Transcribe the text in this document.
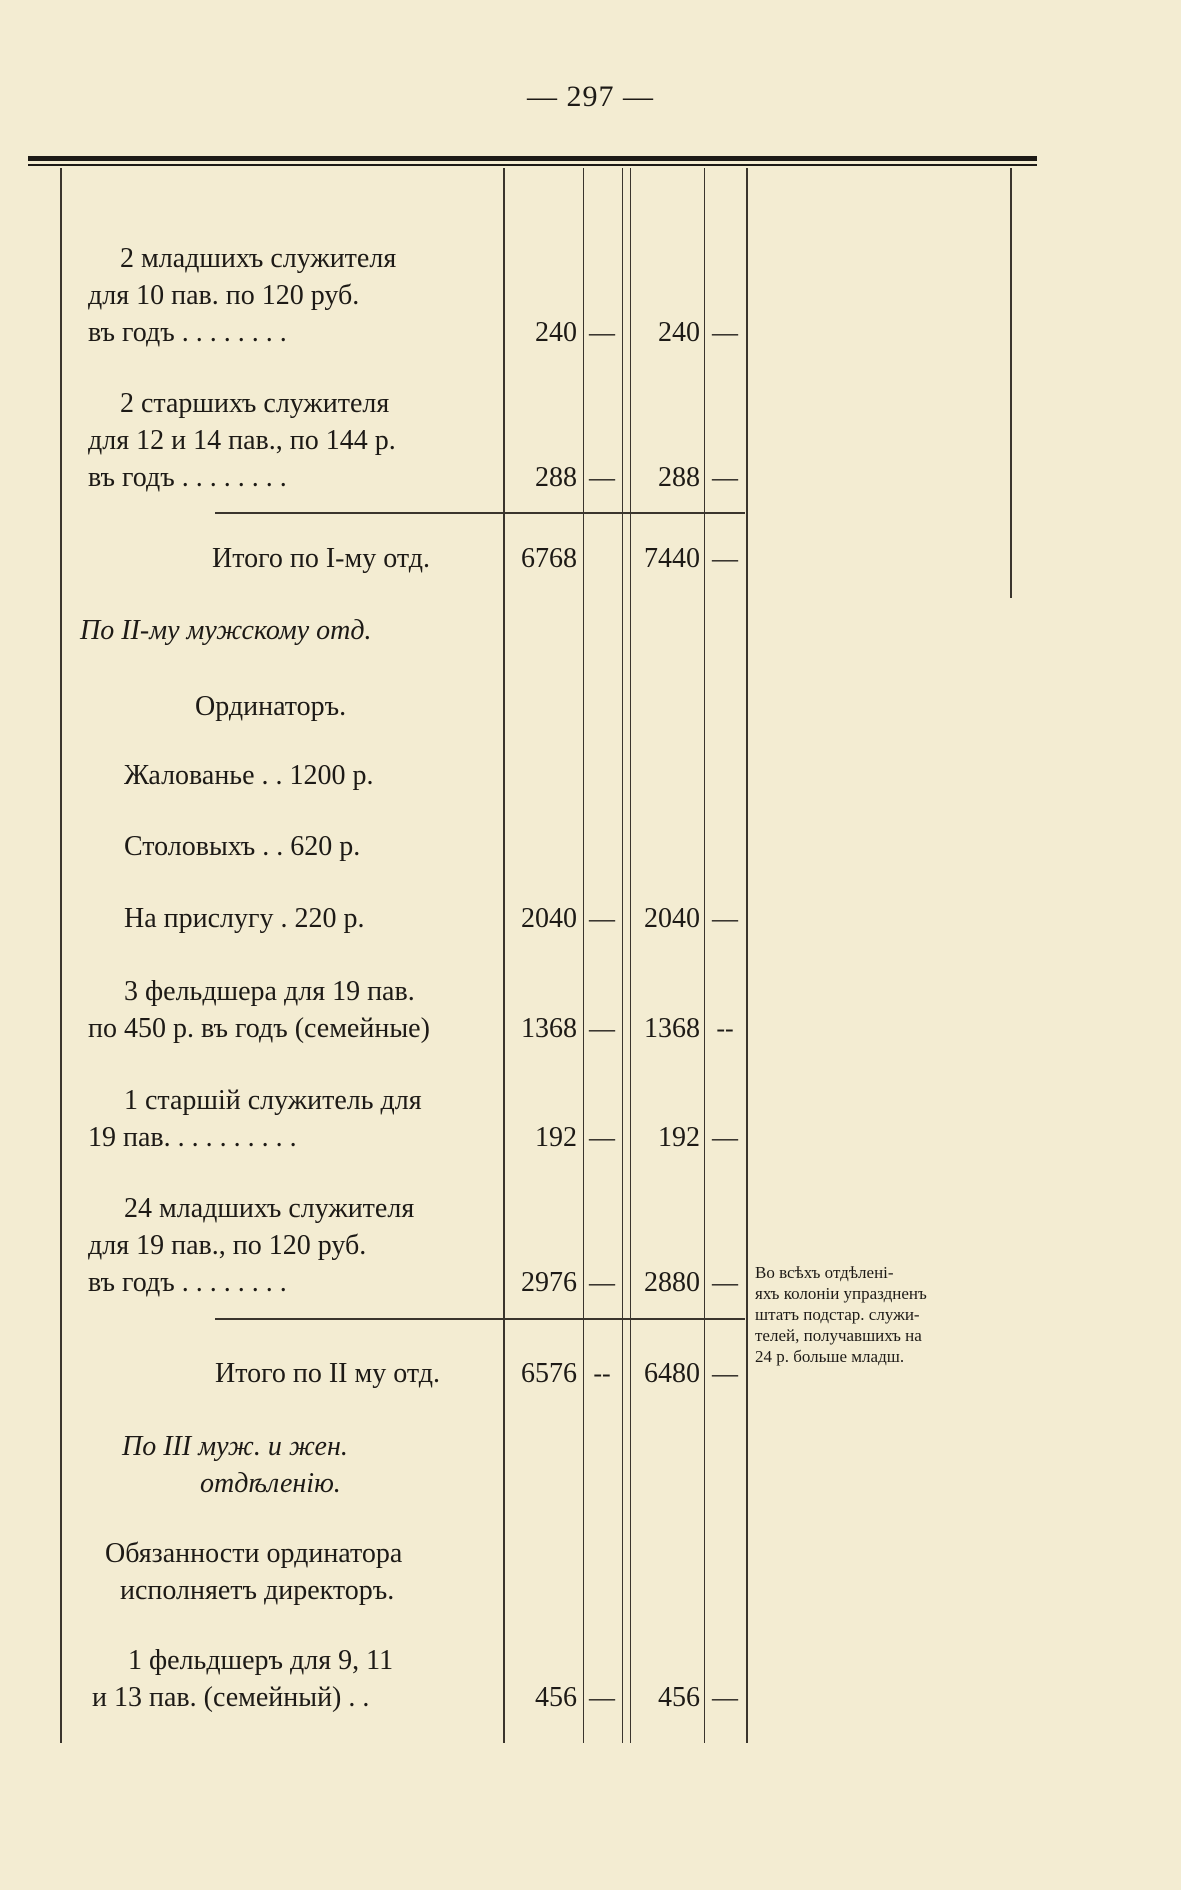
— 297 —
2 младшихъ служителя
для 10 пав. по 120 руб.
въ годъ . . . . . . . .	240 —	240 —
2 старшихъ служителя
для 12 и 14 пав., по 144 р.
въ годъ . . . . . . . .	288 —	288 —
Итого по I-му отд.	6768	7440 —
По II-му мужскому отд.
Ординаторъ.
Жалованье . . 1200 р.
Столовыхъ . . 620 р.
На прислугу . 220 р.	2040 —	2040 —
3 фельдшера для 19 пав.
по 450 р. въ годъ (семейные)	1368 —	1368 --
1 старшій служитель для
19 пав. . . . . . . . . .	192 —	192 —
24 младшихъ служителя
для 19 пав., по 120 руб.
въ годъ . . . . . . . .	2976 —	2880 —
Итого по II му отд.	6576 --	6480 —
По III муж. и жен.
отдѣленію.
Обязанности ординатора
исполняетъ директоръ.
1 фельдшеръ для 9, 11
и 13 пав. (семейный) . .	456 —	456 —
Во всѣхъ отдѣлені-
яхъ колоніи упраздненъ
штатъ подстар. служи-
телей, получавшихъ на
24 р. больше младш.
